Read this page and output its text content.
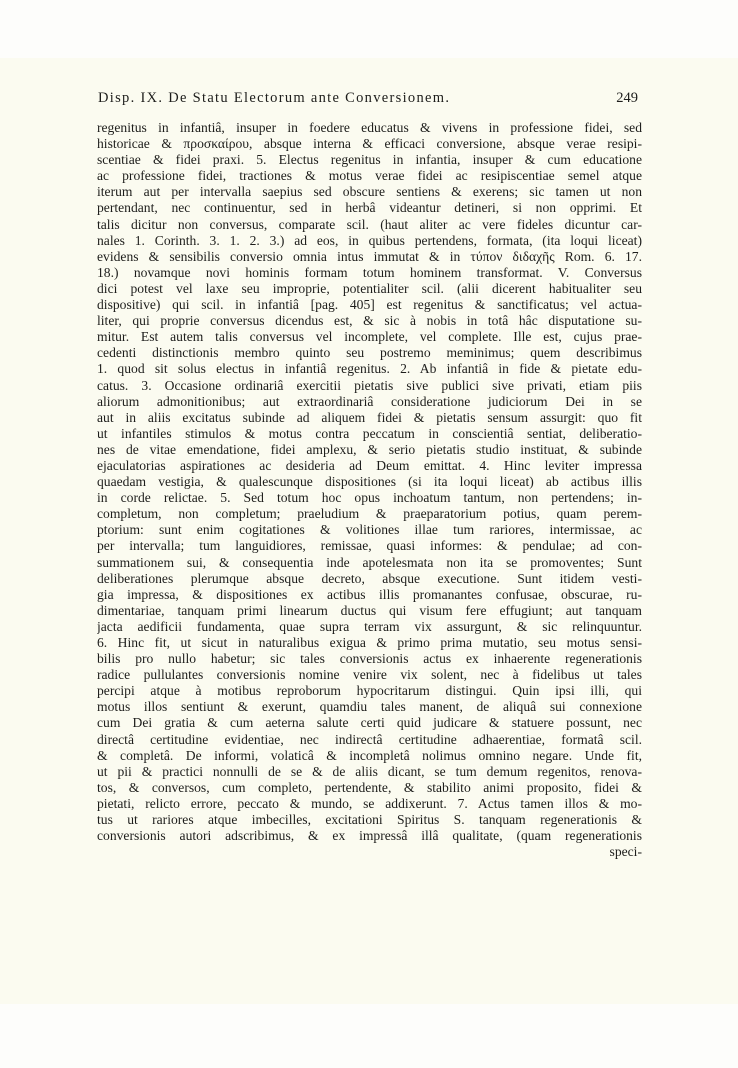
Disp. IX. De Statu Electorum ante Conversionem.	249
regenitus in infantiâ, insuper in foedere educatus & vivens in professione fidei, sed
historicae & προσκαίρου, absque interna & efficaci conversione, absque verae resipi-
scentiae & fidei praxi. 5. Electus regenitus in infantia, insuper & cum educatione
ac professione fidei, tractiones & motus verae fidei ac resipiscentiae semel atque
iterum aut per intervalla saepius sed obscure sentiens & exerens; sic tamen ut non
pertendant, nec continuentur, sed in herbâ videantur detineri, si non opprimi. Et
talis dicitur non conversus, comparate scil. (haut aliter ac vere fideles dicuntur car-
nales 1. Corinth. 3. 1. 2. 3.) ad eos, in quibus pertendens, formata, (ita loqui liceat)
evidens & sensibilis conversio omnia intus immutat & in τύπον διδαχῆς Rom. 6. 17.
18.) novamque novi hominis formam totum hominem transformat. V. Conversus
dici potest vel laxe seu improprie, potentialiter scil. (alii dicerent habitualiter seu
dispositive) qui scil. in infantiâ [pag. 405] est regenitus & sanctificatus; vel actua-
liter, qui proprie conversus dicendus est, & sic à nobis in totâ hâc disputatione su-
mitur. Est autem talis conversus vel incomplete, vel complete. Ille est, cujus prae-
cedenti distinctionis membro quinto seu postremo meminimus; quem describimus
1. quod sit solus electus in infantiâ regenitus. 2. Ab infantiâ in fide & pietate edu-
catus. 3. Occasione ordinariâ exercitii pietatis sive publici sive privati, etiam piis
aliorum admonitionibus; aut extraordinariâ consideratione judiciorum Dei in se
aut in aliis excitatus subinde ad aliquem fidei & pietatis sensum assurgit: quo fit
ut infantiles stimulos & motus contra peccatum in conscientiâ sentiat, deliberatio-
nes de vitae emendatione, fidei amplexu, & serio pietatis studio instituat, & subinde
ejaculatorias aspirationes ac desideria ad Deum emittat. 4. Hinc leviter impressa
quaedam vestigia, & qualescunque dispositiones (si ita loqui liceat) ab actibus illis
in corde relictae. 5. Sed totum hoc opus inchoatum tantum, non pertendens; in-
completum, non completum; praeludium & praeparatorium potius, quam perem-
ptorium: sunt enim cogitationes & volitiones illae tum rariores, intermissae, ac
per intervalla; tum languidiores, remissae, quasi informes: & pendulae; ad con-
summationem sui, & consequentia inde apotelesmata non ita se promoventes; Sunt
deliberationes plerumque absque decreto, absque executione. Sunt itidem vesti-
gia impressa, & dispositiones ex actibus illis promanantes confusae, obscurae, ru-
dimentariae, tanquam primi linearum ductus qui visum fere effugiunt; aut tanquam
jacta aedificii fundamenta, quae supra terram vix assurgunt, & sic relinquuntur.
6. Hinc fit, ut sicut in naturalibus exigua & primo prima mutatio, seu motus sensi-
bilis pro nullo habetur; sic tales conversionis actus ex inhaerente regenerationis
radice pullulantes conversionis nomine venire vix solent, nec à fidelibus ut tales
percipi atque à motibus reproborum hypocritarum distingui. Quin ipsi illi, qui
motus illos sentiunt & exerunt, quamdiu tales manent, de aliquâ sui connexione
cum Dei gratia & cum aeterna salute certi quid judicare & statuere possunt, nec
directâ certitudine evidentiae, nec indirectâ certitudine adhaerentiae, formatâ scil.
& completâ. De informi, volaticâ & incompletâ nolimus omnino negare. Unde fit,
ut pii & practici nonnulli de se & de aliis dicant, se tum demum regenitos, renova-
tos, & conversos, cum completo, pertendente, & stabilito animi proposito, fidei &
pietati, relicto errore, peccato & mundo, se addixerunt. 7. Actus tamen illos & mo-
tus ut rariores atque imbecilles, excitationi Spiritus S. tanquam regenerationis &
conversionis autori adscribimus, & ex impressâ illâ qualitate, (quam regenerationis
speci-
